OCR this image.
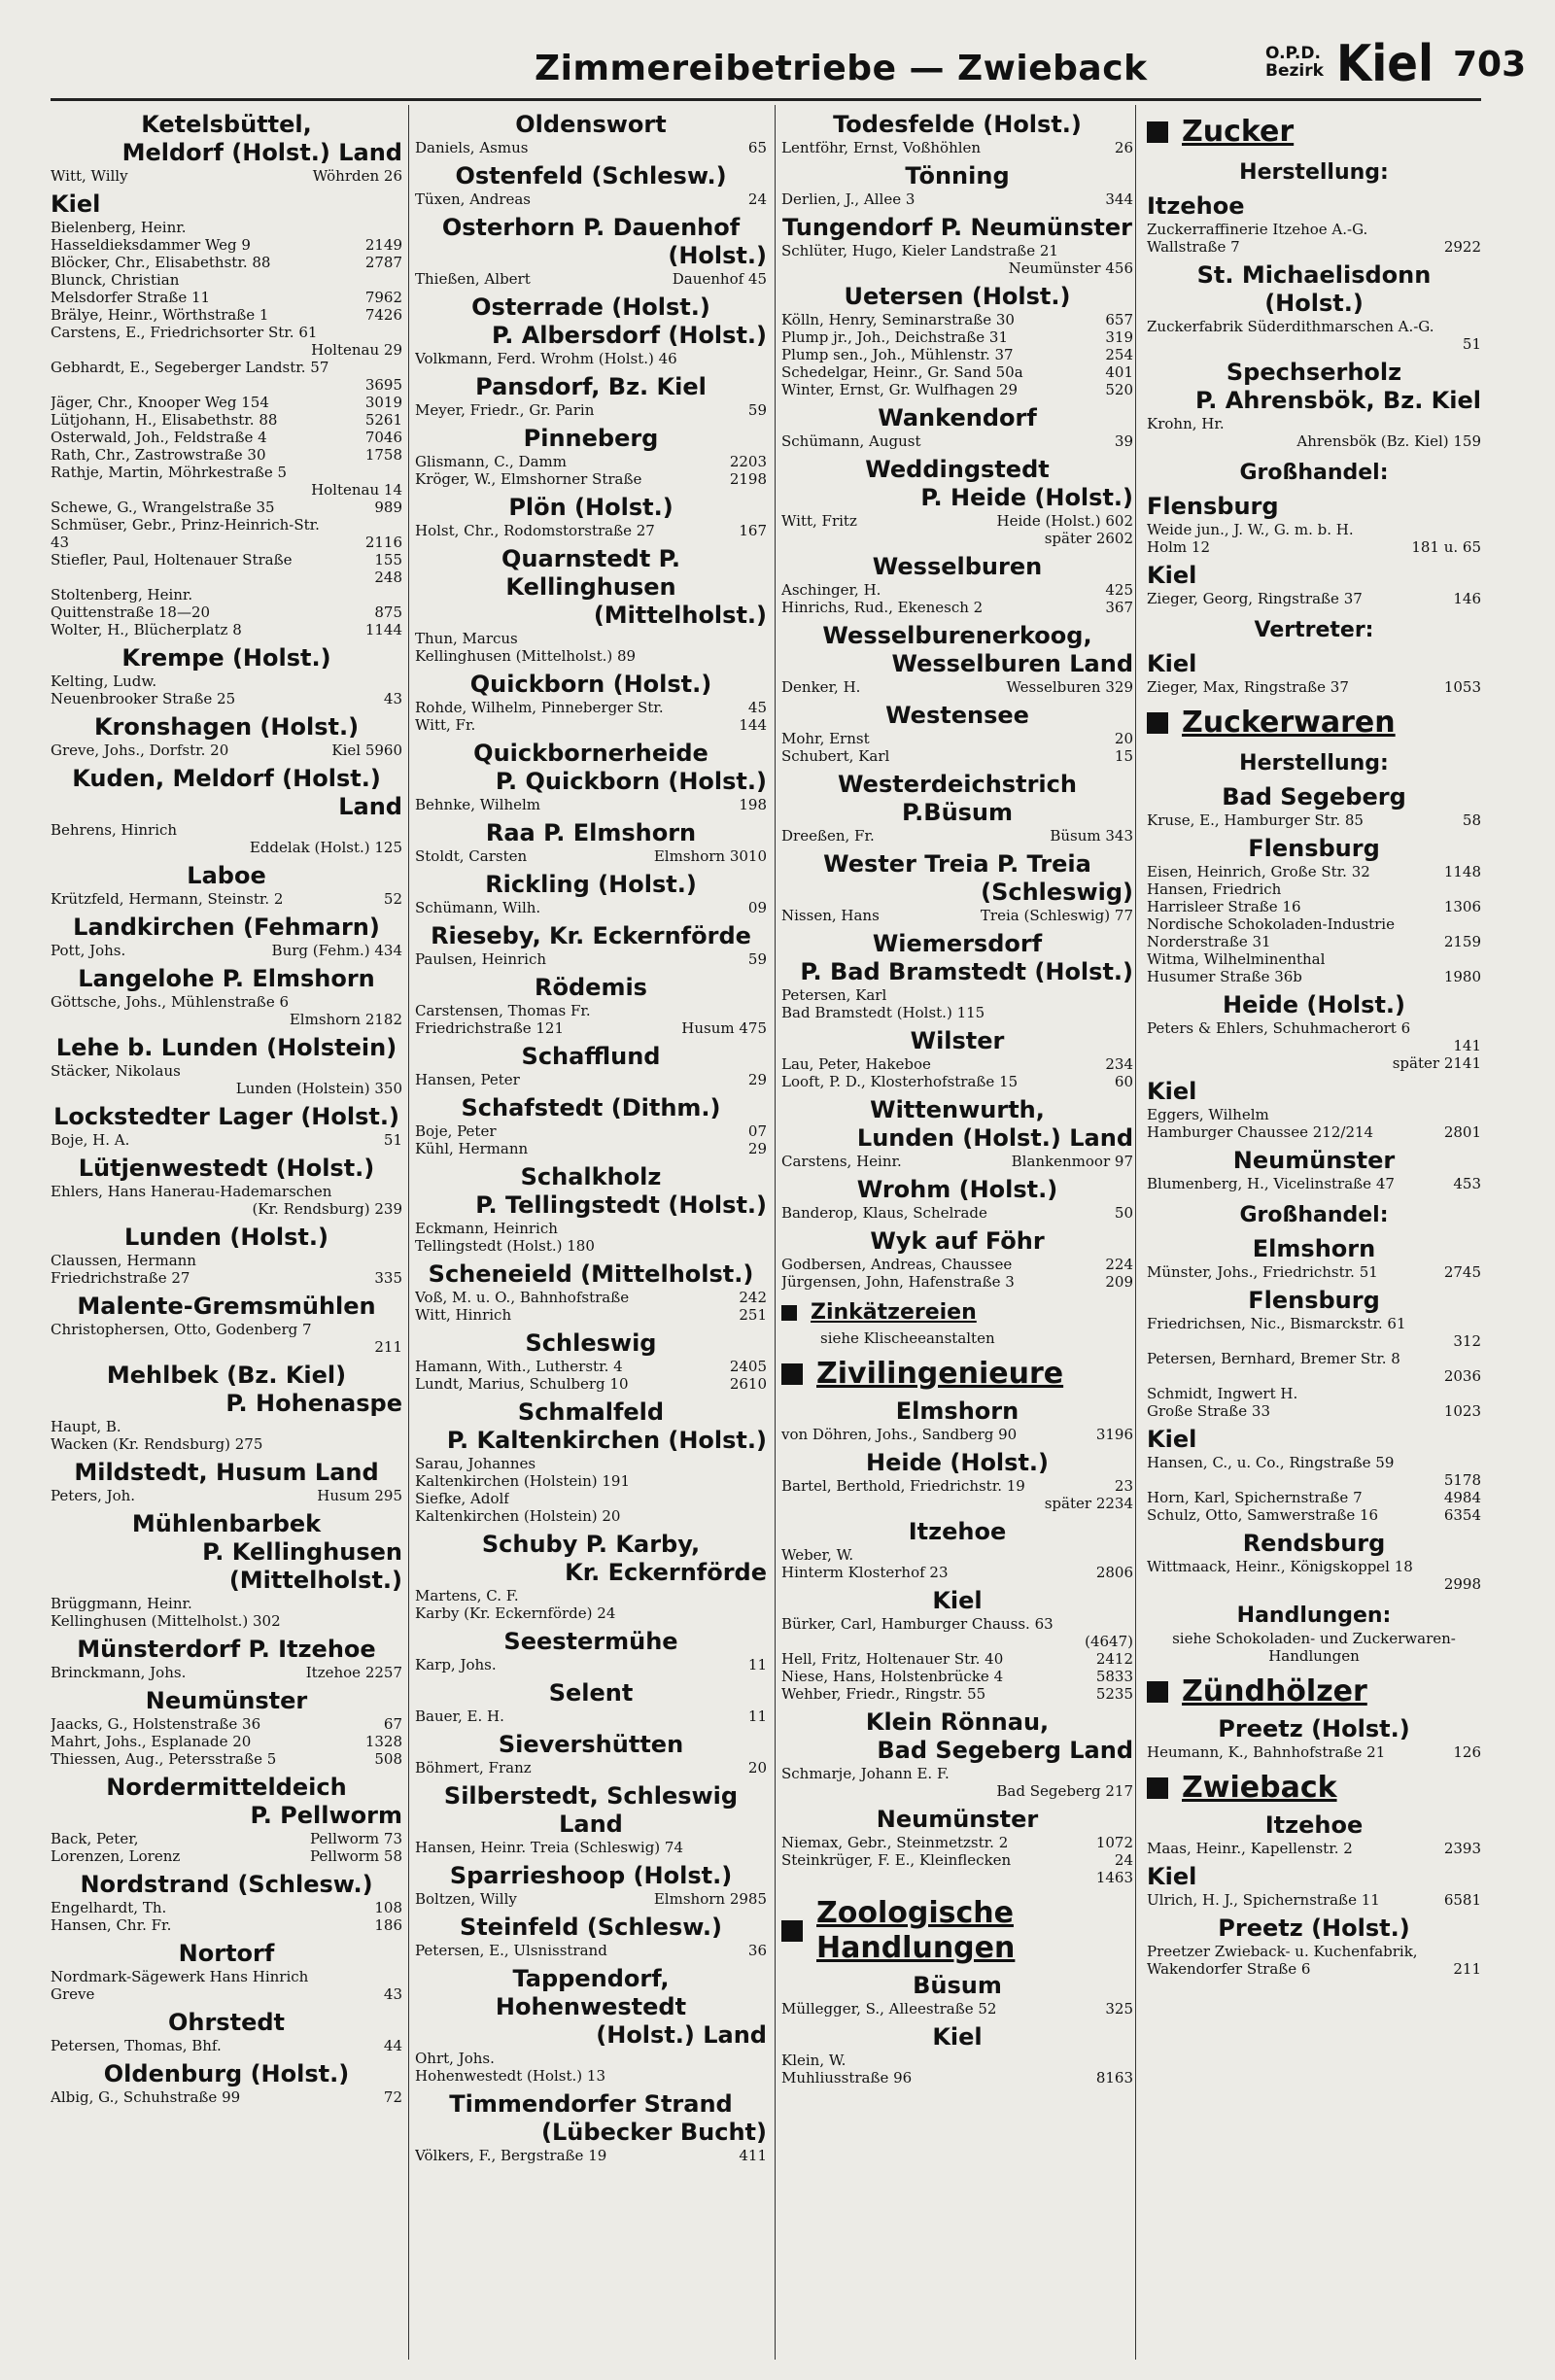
Zimmereibetriebe — Zwieback	O.P.D.
Bezirk Kiel 703
Ketelsbüttel,
Meldorf (Holst.) Land
Witt, Willy	Wöhrden 26
Kiel
Bielenberg, Heinr.
Hasseldieksdammer Weg 9	2149
Blöcker, Chr., Elisabethstr. 88	2787
Blunck, Christian
Melsdorfer Straße 11	7962
Brälye, Heinr., Wörthstraße 1	7426
Carstens, E., Friedrichsorter Str. 61
Holtenau 29
Gebhardt, E., Segeberger Landstr. 57
3695
Jäger, Chr., Knooper Weg 154	3019
Lütjohann, H., Elisabethstr. 88	5261
Osterwald, Joh., Feldstraße 4	7046
Rath, Chr., Zastrowstraße 30	1758
Rathje, Martin, Möhrkestraße 5
Holtenau 14
Schewe, G., Wrangelstraße 35	989
Schmüser, Gebr., Prinz-Heinrich-Str.
43	2116
Stiefler, Paul, Holtenauer Straße	155
248
Stoltenberg, Heinr.
Quittenstraße 18—20	875
Wolter, H., Blücherplatz 8	1144
Krempe (Holst.)
Kelting, Ludw.
Neuenbrooker Straße 25	43
Kronshagen (Holst.)
Greve, Johs., Dorfstr. 20	Kiel 5960
Kuden, Meldorf (Holst.)
Land
Behrens, Hinrich
Eddelak (Holst.) 125
Laboe
Krützfeld, Hermann, Steinstr. 2	52
Landkirchen (Fehmarn)
Pott, Johs.	Burg (Fehm.) 434
Langelohe P. Elmshorn
Göttsche, Johs., Mühlenstraße 6
Elmshorn 2182
Lehe b. Lunden (Holstein)
Stäcker, Nikolaus
Lunden (Holstein) 350
Lockstedter Lager (Holst.)
Boje, H. A.	51
Lütjenwestedt (Holst.)
Ehlers, Hans Hanerau-Hademarschen
(Kr. Rendsburg) 239
Lunden (Holst.)
Claussen, Hermann
Friedrichstraße 27	335
Malente-Gremsmühlen
Christophersen, Otto, Godenberg 7
211
Mehlbek (Bz. Kiel)
P. Hohenaspe
Haupt, B.
Wacken (Kr. Rendsburg) 275
Mildstedt, Husum Land
Peters, Joh.	Husum 295
Mühlenbarbek
P. Kellinghusen
(Mittelholst.)
Brüggmann, Heinr.
Kellinghusen (Mittelholst.) 302
Münsterdorf P. Itzehoe
Brinckmann, Johs.	Itzehoe 2257
Neumünster
Jaacks, G., Holstenstraße 36	67
Mahrt, Johs., Esplanade 20	1328
Thiessen, Aug., Petersstraße 5	508
Nordermitteldeich
P. Pellworm
Back, Peter,	Pellworm 73
Lorenzen, Lorenz	Pellworm 58
Nordstrand (Schlesw.)
Engelhardt, Th.	108
Hansen, Chr. Fr.	186
Nortorf
Nordmark-Sägewerk Hans Hinrich
Greve	43
Ohrstedt
Petersen, Thomas, Bhf.	44
Oldenburg (Holst.)
Albig, G., Schuhstraße 99	72
Oldenswort
Daniels, Asmus	65
Ostenfeld (Schlesw.)
Tüxen, Andreas	24
Osterhorn P. Dauenhof
(Holst.)
Thießen, Albert	Dauenhof 45
Osterrade (Holst.)
P. Albersdorf (Holst.)
Volkmann, Ferd. Wrohm (Holst.) 46
Pansdorf, Bz. Kiel
Meyer, Friedr., Gr. Parin	59
Pinneberg
Glismann, C., Damm	2203
Kröger, W., Elmshorner Straße	2198
Plön (Holst.)
Holst, Chr., Rodomstorstraße 27	167
Quarnstedt P. Kellinghusen
(Mittelholst.)
Thun, Marcus
Kellinghusen (Mittelholst.) 89
Quickborn (Holst.)
Rohde, Wilhelm, Pinneberger Str.	45
Witt, Fr.	144
Quickbornerheide
P. Quickborn (Holst.)
Behnke, Wilhelm	198
Raa P. Elmshorn
Stoldt, Carsten	Elmshorn 3010
Rickling (Holst.)
Schümann, Wilh.	09
Rieseby, Kr. Eckernförde
Paulsen, Heinrich	59
Rödemis
Carstensen, Thomas Fr.
Friedrichstraße 121	Husum 475
Schafflund
Hansen, Peter	29
Schafstedt (Dithm.)
Boje, Peter	07
Kühl, Hermann	29
Schalkholz
P. Tellingstedt (Holst.)
Eckmann, Heinrich
Tellingstedt (Holst.) 180
Scheneield (Mittelholst.)
Voß, M. u. O., Bahnhofstraße	242
Witt, Hinrich	251
Schleswig
Hamann, With., Lutherstr. 4	2405
Lundt, Marius, Schulberg 10	2610
Schmalfeld
P. Kaltenkirchen (Holst.)
Sarau, Johannes
Kaltenkirchen (Holstein) 191
Siefke, Adolf
Kaltenkirchen (Holstein) 20
Schuby P. Karby,
Kr. Eckernförde
Martens, C. F.
Karby (Kr. Eckernförde) 24
Seestermühe
Karp, Johs.	11
Selent
Bauer, E. H.	11
Sievershütten
Böhmert, Franz	20
Silberstedt, Schleswig Land
Hansen, Heinr. Treia (Schleswig) 74
Sparrieshoop (Holst.)
Boltzen, Willy	Elmshorn 2985
Steinfeld (Schlesw.)
Petersen, E., Ulsnisstrand	36
Tappendorf, Hohenwestedt
(Holst.) Land
Ohrt, Johs.
Hohenwestedt (Holst.) 13
Timmendorfer Strand
(Lübecker Bucht)
Völkers, F., Bergstraße 19	411
Todesfelde (Holst.)
Lentföhr, Ernst, Voßhöhlen	26
Tönning
Derlien, J., Allee 3	344
Tungendorf P. Neumünster
Schlüter, Hugo, Kieler Landstraße 21
Neumünster 456
Uetersen (Holst.)
Kölln, Henry, Seminarstraße 30	657
Plump jr., Joh., Deichstraße 31	319
Plump sen., Joh., Mühlenstr. 37	254
Schedelgar, Heinr., Gr. Sand 50a	401
Winter, Ernst, Gr. Wulfhagen 29	520
Wankendorf
Schümann, August	39
Weddingstedt
P. Heide (Holst.)
Witt, Fritz	Heide (Holst.) 602
später 2602
Wesselburen
Aschinger, H.	425
Hinrichs, Rud., Ekenesch 2	367
Wesselburenerkoog,
Wesselburen Land
Denker, H.	Wesselburen 329
Westensee
Mohr, Ernst	20
Schubert, Karl	15
Westerdeichstrich P.Büsum
Dreeßen, Fr.	Büsum 343
Wester Treia P. Treia
(Schleswig)
Nissen, Hans	Treia (Schleswig) 77
Wiemersdorf
P. Bad Bramstedt (Holst.)
Petersen, Karl
Bad Bramstedt (Holst.) 115
Wilster
Lau, Peter, Hakeboe	234
Looft, P. D., Klosterhofstraße 15	60
Wittenwurth,
Lunden (Holst.) Land
Carstens, Heinr.	Blankenmoor 97
Wrohm (Holst.)
Banderop, Klaus, Schelrade	50
Wyk auf Föhr
Godbersen, Andreas, Chaussee	224
Jürgensen, John, Hafenstraße 3	209
Zinkätzereien
siehe Klischeeanstalten
Zivilingenieure
Elmshorn
von Döhren, Johs., Sandberg 90	3196
Heide (Holst.)
Bartel, Berthold, Friedrichstr. 19	23
später 2234
Itzehoe
Weber, W.
Hinterm Klosterhof 23	2806
Kiel
Bürker, Carl, Hamburger Chauss. 63
(4647)
Hell, Fritz, Holtenauer Str. 40	2412
Niese, Hans, Holstenbrücke 4	5833
Wehber, Friedr., Ringstr. 55	5235
Klein Rönnau,
Bad Segeberg Land
Schmarje, Johann E. F.
Bad Segeberg 217
Neumünster
Niemax, Gebr., Steinmetzstr. 2	1072
Steinkrüger, F. E., Kleinflecken	24
1463
Zoologische
Handlungen
Büsum
Müllegger, S., Alleestraße 52	325
Kiel
Klein, W.
Muhliusstraße 96	8163
Zucker
Herstellung:
Itzehoe
Zuckerraffinerie Itzehoe A.-G.
Wallstraße 7	2922
St. Michaelisdonn (Holst.)
Zuckerfabrik Süderdithmarschen A.-G.
51
Spechserholz
P. Ahrensbök, Bz. Kiel
Krohn, Hr.
Ahrensbök (Bz. Kiel) 159
Großhandel:
Flensburg
Weide jun., J. W., G. m. b. H.
Holm 12	181 u. 65
Kiel
Zieger, Georg, Ringstraße 37	146
Vertreter:
Kiel
Zieger, Max, Ringstraße 37	1053
Zuckerwaren
Herstellung:
Bad Segeberg
Kruse, E., Hamburger Str. 85	58
Flensburg
Eisen, Heinrich, Große Str. 32	1148
Hansen, Friedrich
Harrisleer Straße 16	1306
Nordische Schokoladen-Industrie
Norderstraße 31	2159
Witma, Wilhelminenthal
Husumer Straße 36b	1980
Heide (Holst.)
Peters & Ehlers, Schuhmacherort 6
141
später 2141
Kiel
Eggers, Wilhelm
Hamburger Chaussee 212/214	2801
Neumünster
Blumenberg, H., Vicelinstraße 47	453
Großhandel:
Elmshorn
Münster, Johs., Friedrichstr. 51	2745
Flensburg
Friedrichsen, Nic., Bismarckstr. 61
312
Petersen, Bernhard, Bremer Str. 8
2036
Schmidt, Ingwert H.
Große Straße 33	1023
Kiel
Hansen, C., u. Co., Ringstraße 59
5178
Horn, Karl, Spichernstraße 7	4984
Schulz, Otto, Samwerstraße 16	6354
Rendsburg
Wittmaack, Heinr., Königskoppel 18
2998
Handlungen:
siehe Schokoladen- und Zuckerwaren-
Handlungen
Zündhölzer
Preetz (Holst.)
Heumann, K., Bahnhofstraße 21	126
Zwieback
Itzehoe
Maas, Heinr., Kapellenstr. 2	2393
Kiel
Ulrich, H. J., Spichernstraße 11	6581
Preetz (Holst.)
Preetzer Zwieback- u. Kuchenfabrik,
Wakendorfer Straße 6	211
